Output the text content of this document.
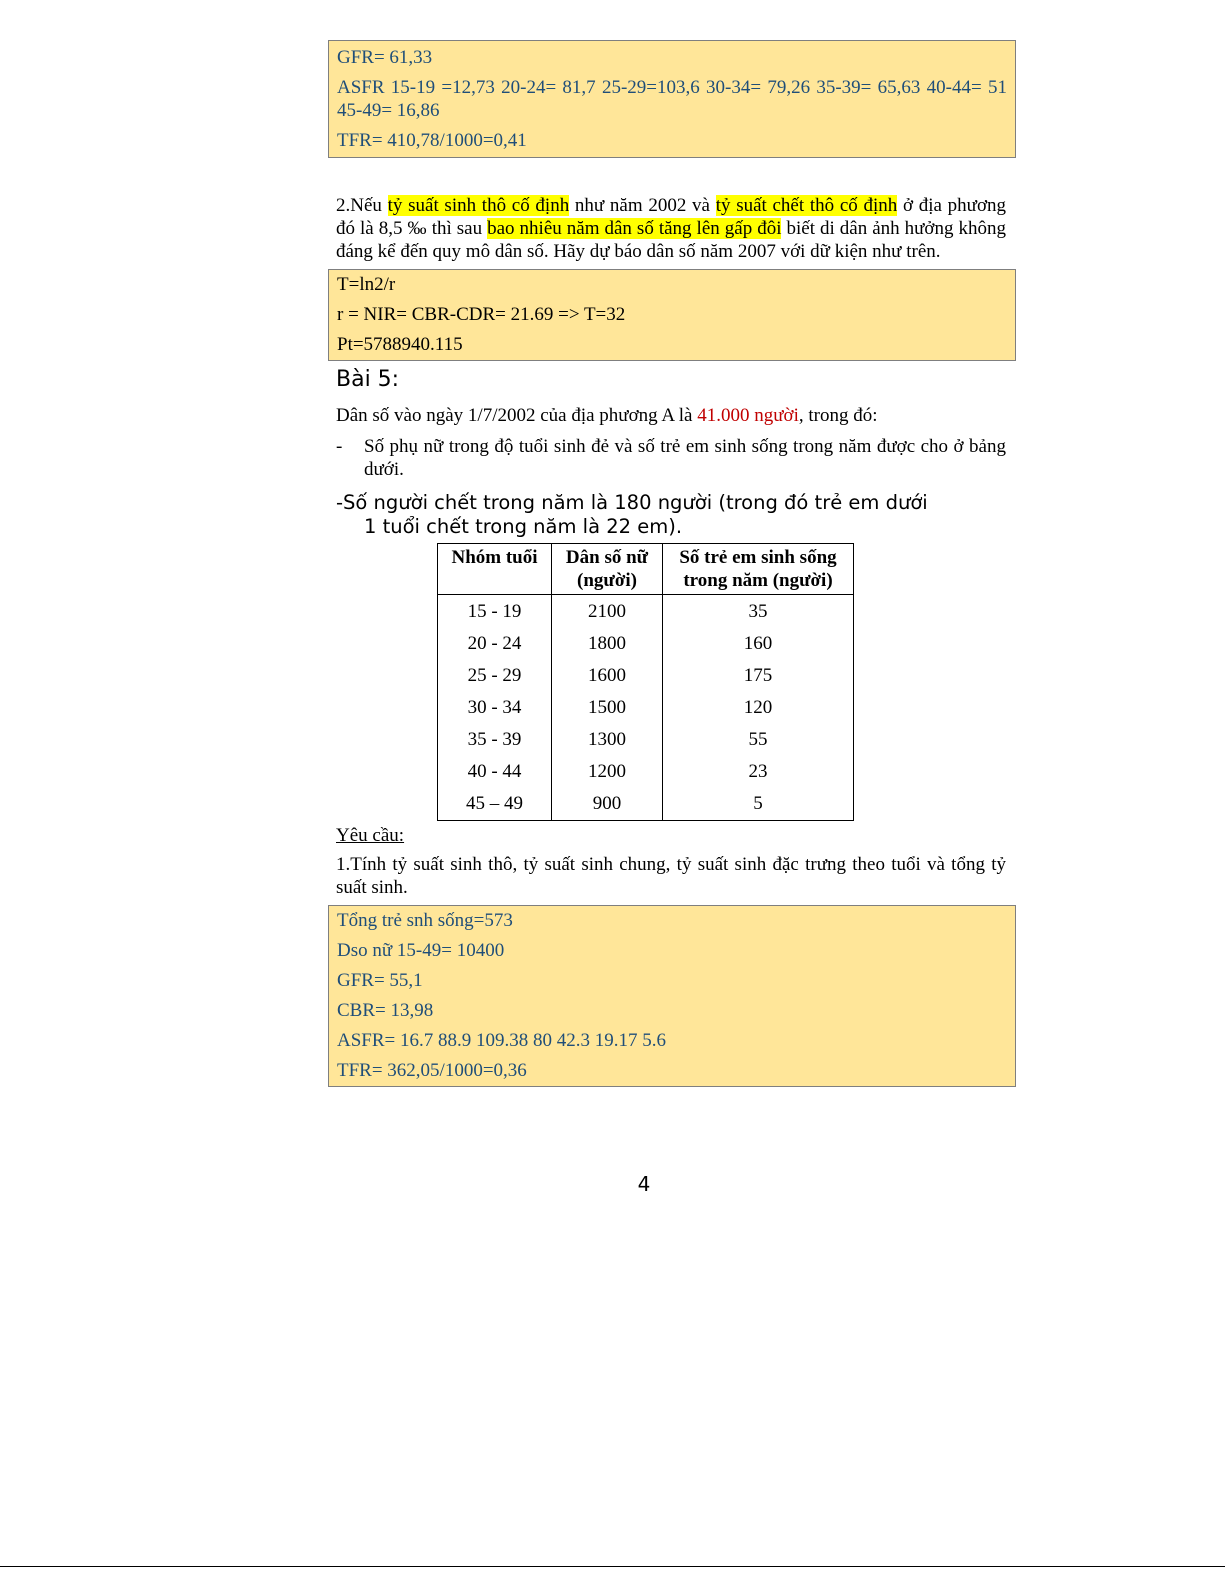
GFR= 61,33
ASFR 15-19 =12,73 20-24= 81,7 25-29=103,6 30-34= 79,26 35-39= 65,63 40-44= 51 45-49= 16,86
TFR= 410,78/1000=0,41
2.Nếu tỷ suất sinh thô cố định như năm 2002 và tỷ suất chết thô cố định ở địa phương đó là 8,5 ‰ thì sau bao nhiêu năm dân số tăng lên gấp đôi biết di dân ảnh hưởng không đáng kể đến quy mô dân số. Hãy dự báo dân số năm 2007 với dữ kiện như trên.
T=ln2/r
r = NIR= CBR-CDR= 21.69 => T=32
Pt=5788940.115
Bài 5:
Dân số vào ngày 1/7/2002 của địa phương A là 41.000 người, trong đó:
-	Số phụ nữ trong độ tuổi sinh đẻ và số trẻ em sinh sống trong năm được cho ở bảng dưới.
-Số người chết trong năm là 180 người (trong đó trẻ em dưới
1 tuổi chết trong năm là 22 em).
Nhóm tuổi	Dân số nữ (người)	Số trẻ em sinh sống trong năm (người)
15 - 19	2100	35
20 - 24	1800	160
25 - 29	1600	175
30 - 34	1500	120
35 - 39	1300	55
40 - 44	1200	23
45 – 49	900	5
Yêu cầu:
1.Tính tỷ suất sinh thô, tỷ suất sinh chung, tỷ suất sinh đặc trưng theo tuổi và tổng tỷ suất sinh.
Tổng trẻ snh sống=573
Dso nữ 15-49= 10400
GFR= 55,1
CBR= 13,98
ASFR= 16.7 88.9 109.38 80 42.3 19.17 5.6
TFR= 362,05/1000=0,36
4
